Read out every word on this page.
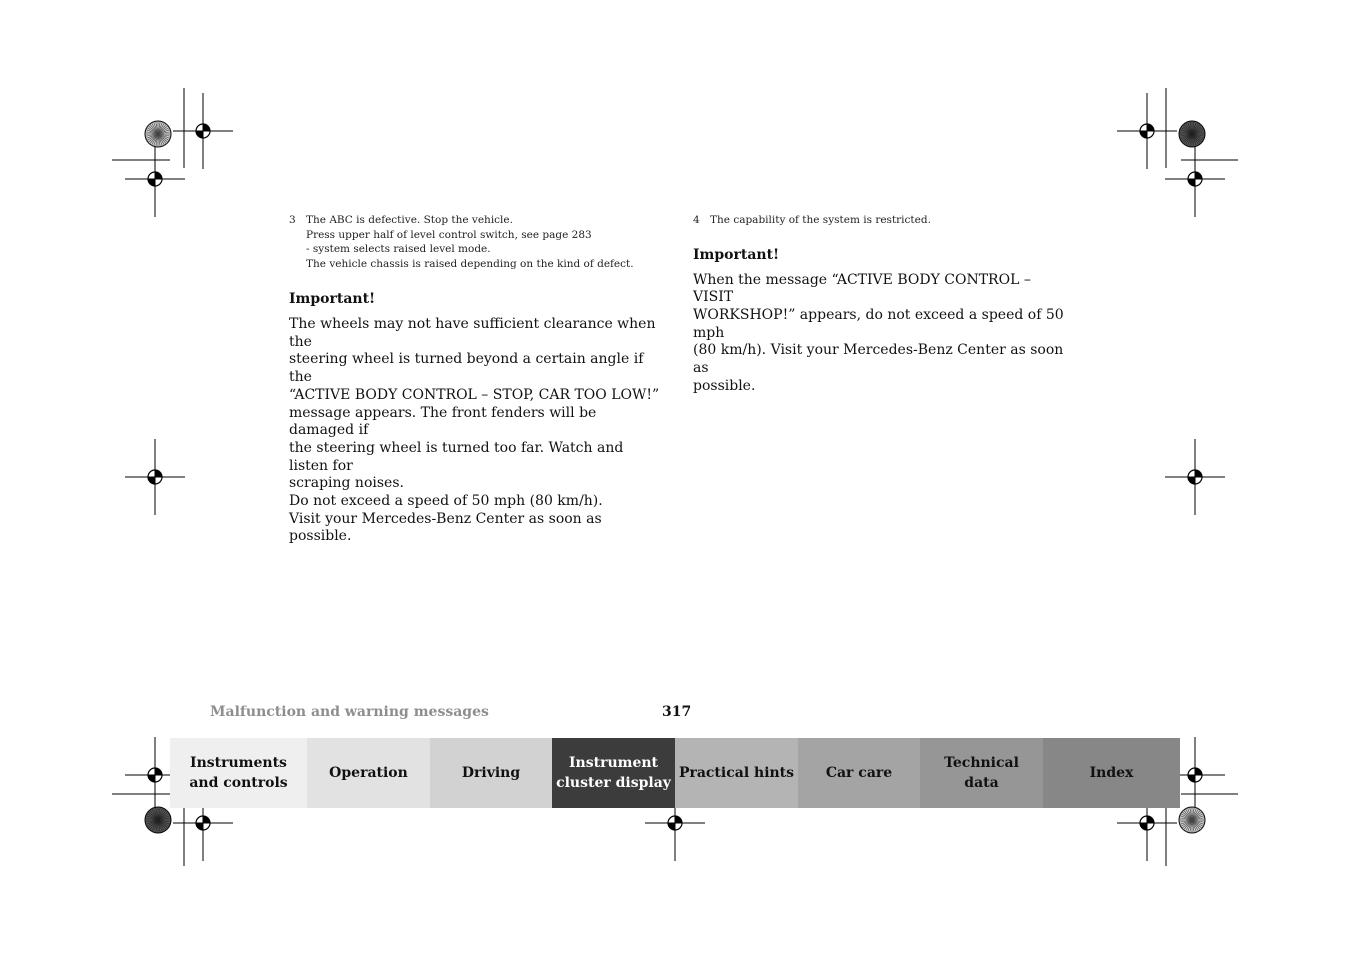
3 The ABC is defective. Stop the vehicle.
Press upper half of level control switch, see page 283
- system selects raised level mode.
The vehicle chassis is raised depending on the kind of defect.
Important!
The wheels may not have sufficient clearance when the
steering wheel is turned beyond a certain angle if the
“ACTIVE BODY CONTROL – STOP, CAR TOO LOW!”
message appears. The front fenders will be damaged if
the steering wheel is turned too far. Watch and listen for
scraping noises.
Do not exceed a speed of 50 mph (80 km/h).
Visit your Mercedes-Benz Center as soon as possible.
4 The capability of the system is restricted.
Important!
When the message “ACTIVE BODY CONTROL – VISIT
WORKSHOP!” appears, do not exceed a speed of 50 mph
(80 km/h). Visit your Mercedes-Benz Center as soon as
possible.
Malfunction and warning messages	317
Instruments
and controls
Operation	Driving
Instrument
cluster display
Practical hints Car care
Technical
data
Index
